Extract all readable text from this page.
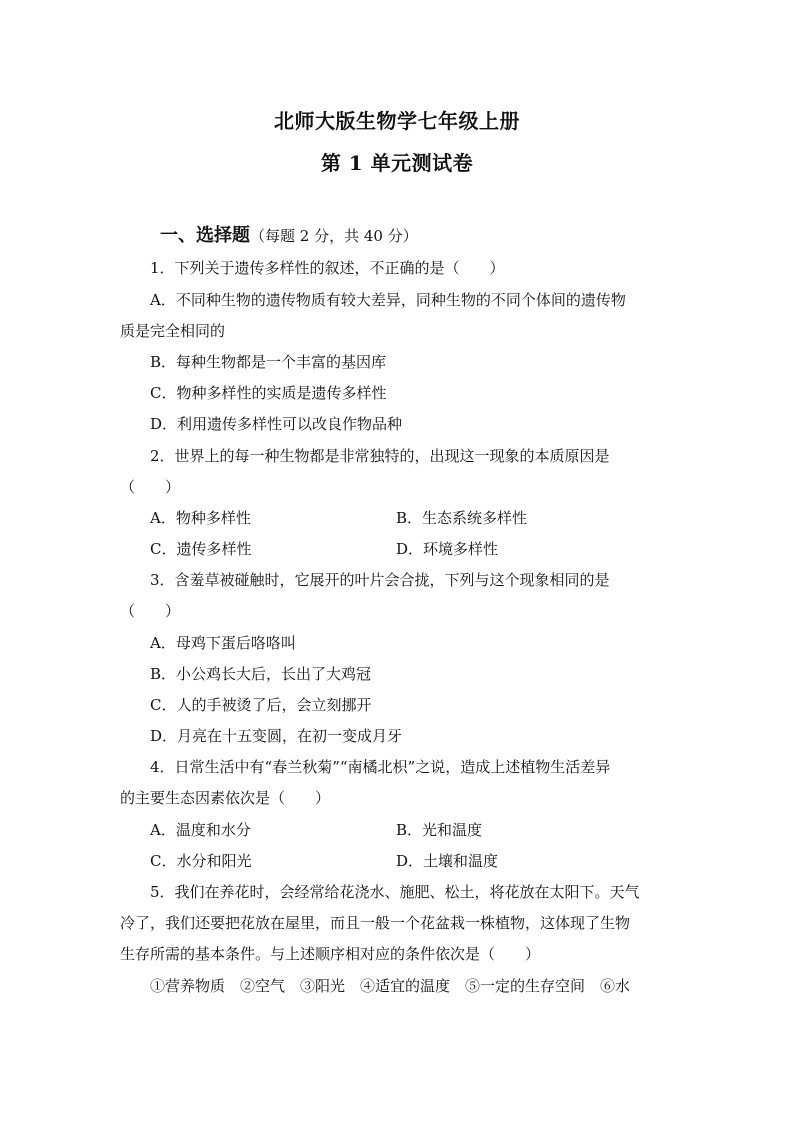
北师大版生物学七年级上册
第 1 单元测试卷
一、选择题（每题 2 分，共 40 分）
1．下列关于遗传多样性的叙述，不正确的是（　　）
A．不同种生物的遗传物质有较大差异，同种生物的不同个体间的遗传物
质是完全相同的
B．每种生物都是一个丰富的基因库
C．物种多样性的实质是遗传多样性
D．利用遗传多样性可以改良作物品种
2．世界上的每一种生物都是非常独特的，出现这一现象的本质原因是
（　　）
A．物种多样性	B．生态系统多样性
C．遗传多样性	D．环境多样性
3．含羞草被碰触时，它展开的叶片会合拢，下列与这个现象相同的是
（　　）
A．母鸡下蛋后咯咯叫
B．小公鸡长大后，长出了大鸡冠
C．人的手被烫了后，会立刻挪开
D．月亮在十五变圆，在初一变成月牙
4．日常生活中有“春兰秋菊”“南橘北枳”之说，造成上述植物生活差异
的主要生态因素依次是（　　）
A．温度和水分	B．光和温度
C．水分和阳光	D．土壤和温度
5．我们在养花时，会经常给花浇水、施肥、松土，将花放在太阳下。天气
冷了，我们还要把花放在屋里，而且一般一个花盆栽一株植物，这体现了生物
生存所需的基本条件。与上述顺序相对应的条件依次是（　　）
①营养物质　②空气　③阳光　④适宜的温度　⑤一定的生存空间　⑥水
